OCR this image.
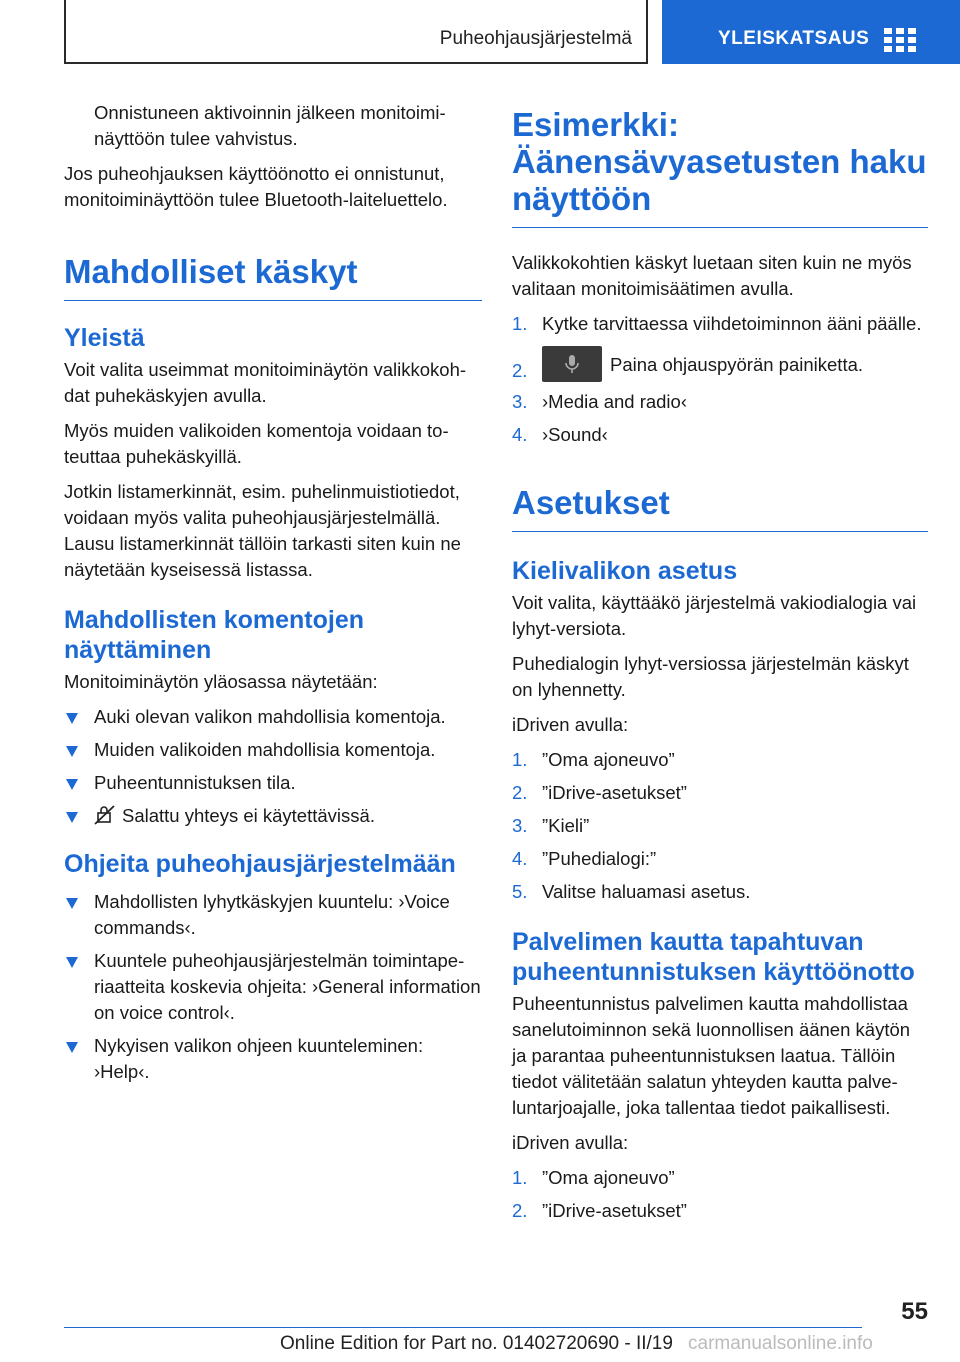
Puheohjausjärjestelmä	YLEISKATSAUS

Onnistuneen aktivoinnin jälkeen monitoiminäyttöön tulee vahvistus.

Jos puheohjauksen käyttöönotto ei onnistunut, monitoiminäyttöön tulee Bluetooth-laiteluettelo.

Mahdolliset käskyt
Yleistä

Voit valita useimmat monitoiminäytön valikkokohdat puhekäskyjen avulla.

Myös muiden valikoiden komentoja voidaan toteuttaa puhekäskyillä.

Jotkin listamerkinnät, esim. puhelinmuistiotiedot, voidaan myös valita puheohjausjärjestelmällä. Lausu listamerkinnät tällöin tarkasti siten kuin ne näytetään kyseisessä listassa.

Mahdollisten komentojen näyttäminen

Monitoiminäytön yläosassa näytetään:

Auki olevan valikon mahdollisia komentoja.
Muiden valikoiden mahdollisia komentoja.
Puheentunnistuksen tila.
Salattu yhteys ei käytettävissä.
Ohjeita puheohjausjärjestelmään
Mahdollisten lyhytkäskyjen kuuntelu: ›Voice commands‹.
Kuuntele puheohjausjärjestelmän toimintaperiaatteita koskevia ohjeita: ›General information on voice control‹.
Nykyisen valikon ohjeen kuunteleminen: ›Help‹.
Esimerkki: Äänensävyasetusten haku näyttöön

Valikkokohtien käskyt luetaan siten kuin ne myös valitaan monitoimisäätimen avulla.

1. Kytke tarvittaessa viihdetoiminnon ääni päälle.
2.	Paina ohjauspyörän painiketta.
3. ›Media and radio‹
4. ›Sound‹
Asetukset
Kielivalikon asetus

Voit valita, käyttääkö järjestelmä vakiodialogia vai lyhyt-versiota.

Puhedialogin lyhyt-versiossa järjestelmän käskyt on lyhennetty.

iDriven avulla:

1. ”Oma ajoneuvo”
2. ”iDrive-asetukset”
3. ”Kieli”
4. ”Puhedialogi:”
5. Valitse haluamasi asetus.
Palvelimen kautta tapahtuvan puheentunnistuksen käyttöönotto

Puheentunnistus palvelimen kautta mahdollistaa sanelutoiminnon sekä luonnollisen äänen käytön ja parantaa puheentunnistuksen laatua. Tällöin tiedot välitetään salatun yhteyden kautta palveluntarjoajalle, joka tallentaa tiedot paikallisesti.

iDriven avulla:

1. ”Oma ajoneuvo”
2. ”iDrive-asetukset”
55
Online Edition for Part no. 01402720690 - II/19 carmanualsonline.info
